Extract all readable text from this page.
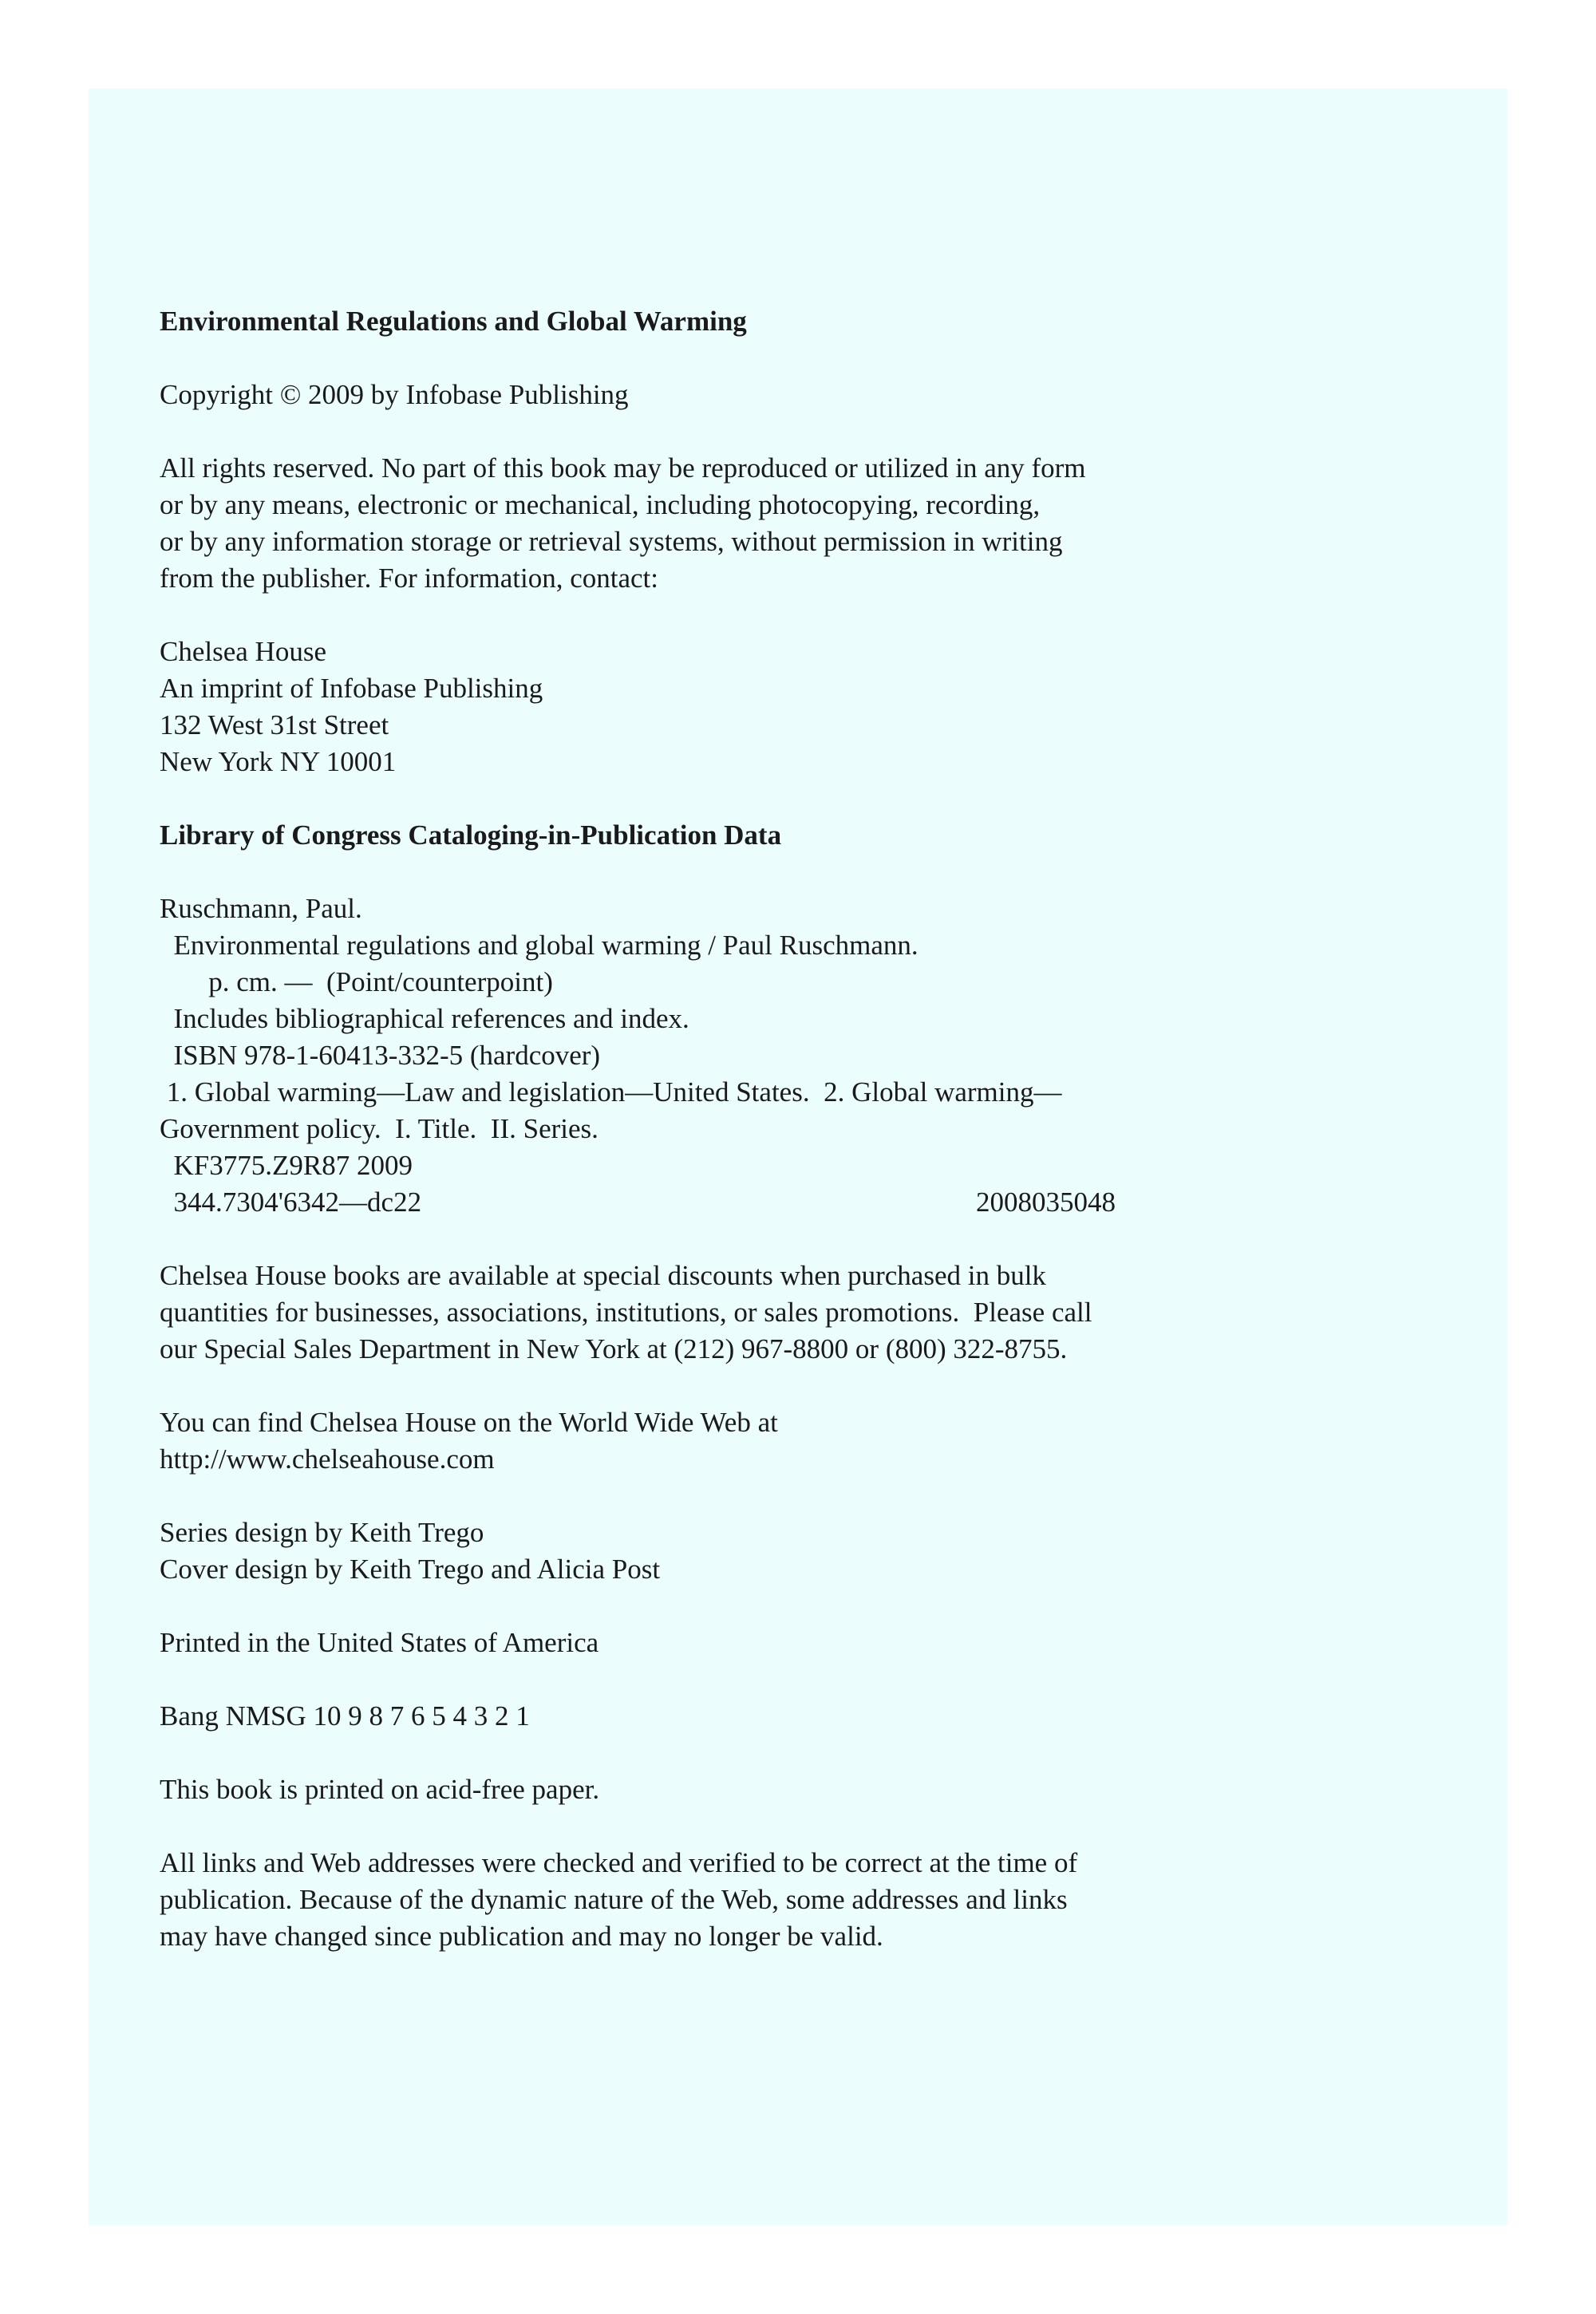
Environmental Regulations and Global Warming
Copyright © 2009 by Infobase Publishing
All rights reserved. No part of this book may be reproduced or utilized in any form
or by any means, electronic or mechanical, including photocopying, recording,
or by any information storage or retrieval systems, without permission in writing
from the publisher. For information, contact:
Chelsea House
An imprint of Infobase Publishing
132 West 31st Street
New York NY 10001
Library of Congress Cataloging-in-Publication Data
Ruschmann, Paul.
Environmental regulations and global warming / Paul Ruschmann.
p. cm. —  (Point/counterpoint)
Includes bibliographical references and index.
ISBN 978-1-60413-332-5 (hardcover)
1. Global warming—Law and legislation—United States.  2. Global warming—
Government policy.  I. Title.  II. Series.
KF3775.Z9R87 2009
344.7304'6342—dc22	2008035048
Chelsea House books are available at special discounts when purchased in bulk
quantities for businesses, associations, institutions, or sales promotions.  Please call
our Special Sales Department in New York at (212) 967-8800 or (800) 322-8755.
You can find Chelsea House on the World Wide Web at
http://www.chelseahouse.com
Series design by Keith Trego
Cover design by Keith Trego and Alicia Post
Printed in the United States of America
Bang NMSG 10 9 8 7 6 5 4 3 2 1
This book is printed on acid-free paper.
All links and Web addresses were checked and verified to be correct at the time of
publication. Because of the dynamic nature of the Web, some addresses and links
may have changed since publication and may no longer be valid.
